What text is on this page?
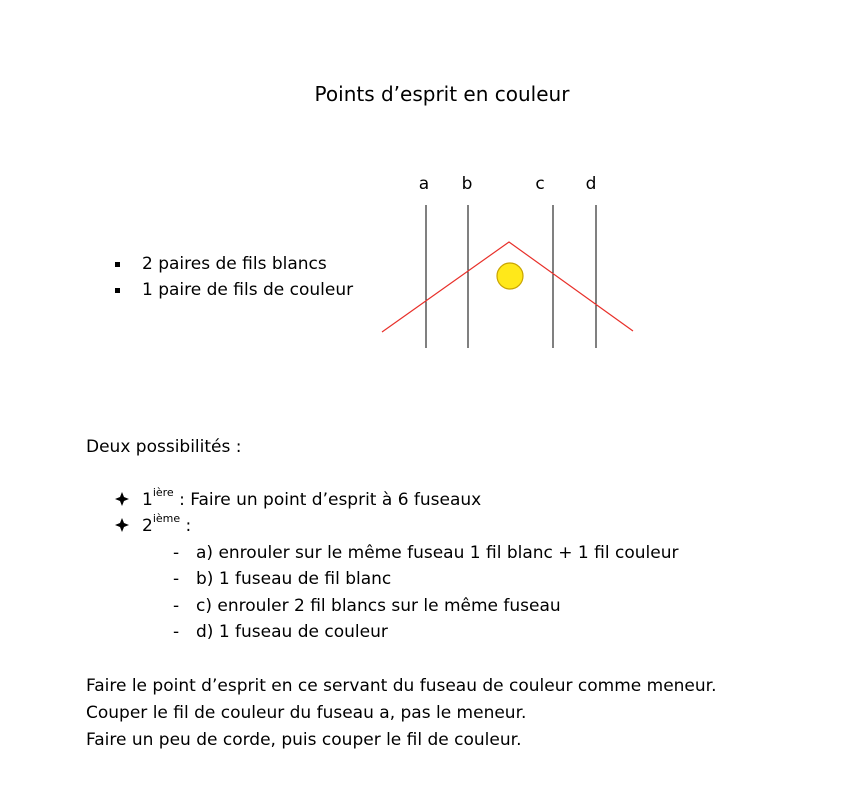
Points d’esprit en couleur
a b	c	d
2 paires de fils blancs
1 paire de fils de couleur
Deux possibilités :
$1^{ière}$ : Faire un point d’esprit à 6 fuseaux
2ième :
- a) enrouler sur le même fuseau 1 fil blanc + 1 fil couleur
- b) 1 fuseau de fil blanc
- c) enrouler 2 fil blancs sur le même fuseau
- d) 1 fuseau de couleur
Faire le point d’esprit en ce servant du fuseau de couleur comme meneur.
Couper le fil de couleur du fuseau a, pas le meneur.
Faire un peu de corde, puis couper le fil de couleur.
